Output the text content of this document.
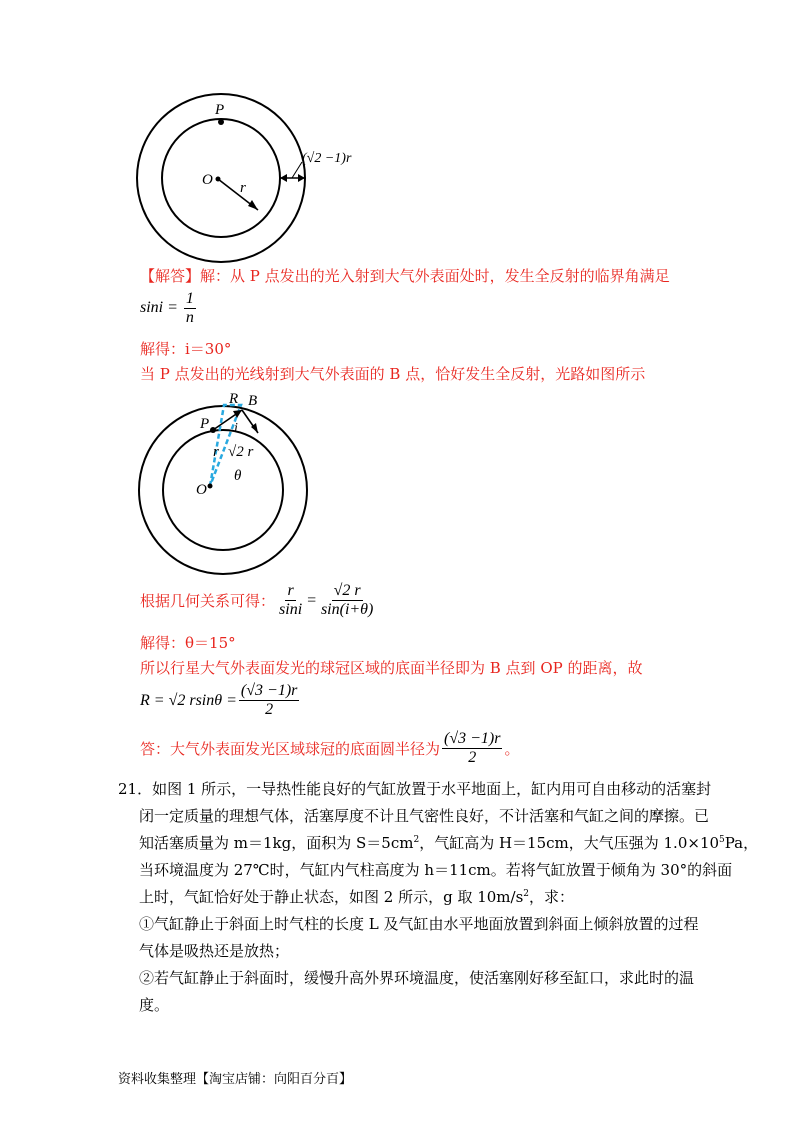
P
O r
(√2 −1)r
【解答】解：从 P 点发出的光入射到大气外表面处时，发生全反射的临界角满足
$\sin i = \frac{1}{n}$
解得：i＝30°
当 P 点发出的光线射到大气外表面的 B 点，恰好发生全反射，光路如图所示
R B
P i
r √2 r
θ
O
根据几何关系可得： $\frac{r}{\sin i} = \frac{√2 r}{\sin(i+\theta)}$
解得：θ＝15°
所以行星大气外表面发光的球冠区域的底面半径即为 B 点到 OP 的距离，故
R = √2 $rsin\theta = \frac{(√3 -1)r}{2}$
答：大气外表面发光区域球冠的底面圆半径为 $\frac{(√3 -1)r}{2}$ 。
21．如图 1 所示，一导热性能良好的气缸放置于水平地面上，缸内用可自由移动的活塞封
闭一定质量的理想气体，活塞厚度不计且气密性良好，不计活塞和气缸之间的摩擦。已
知活塞质量为 m＝1kg，面积为 $S=5cm^2$，气缸高为 H＝15cm，大气压强为 $1.0\times 10^5Pa$，
当环境温度为 27℃时，气缸内气柱高度为 h＝11cm。若将气缸放置于倾角为 30°的斜面
上时，气缸恰好处于静止状态，如图 2 所示，g 取 $10m/s^2$，求：
①气缸静止于斜面上时气柱的长度 L 及气缸由水平地面放置到斜面上倾斜放置的过程
气体是吸热还是放热；
②若气缸静止于斜面时，缓慢升高外界环境温度，使活塞刚好移至缸口，求此时的温
度。
资料收集整理【淘宝店铺：向阳百分百】
